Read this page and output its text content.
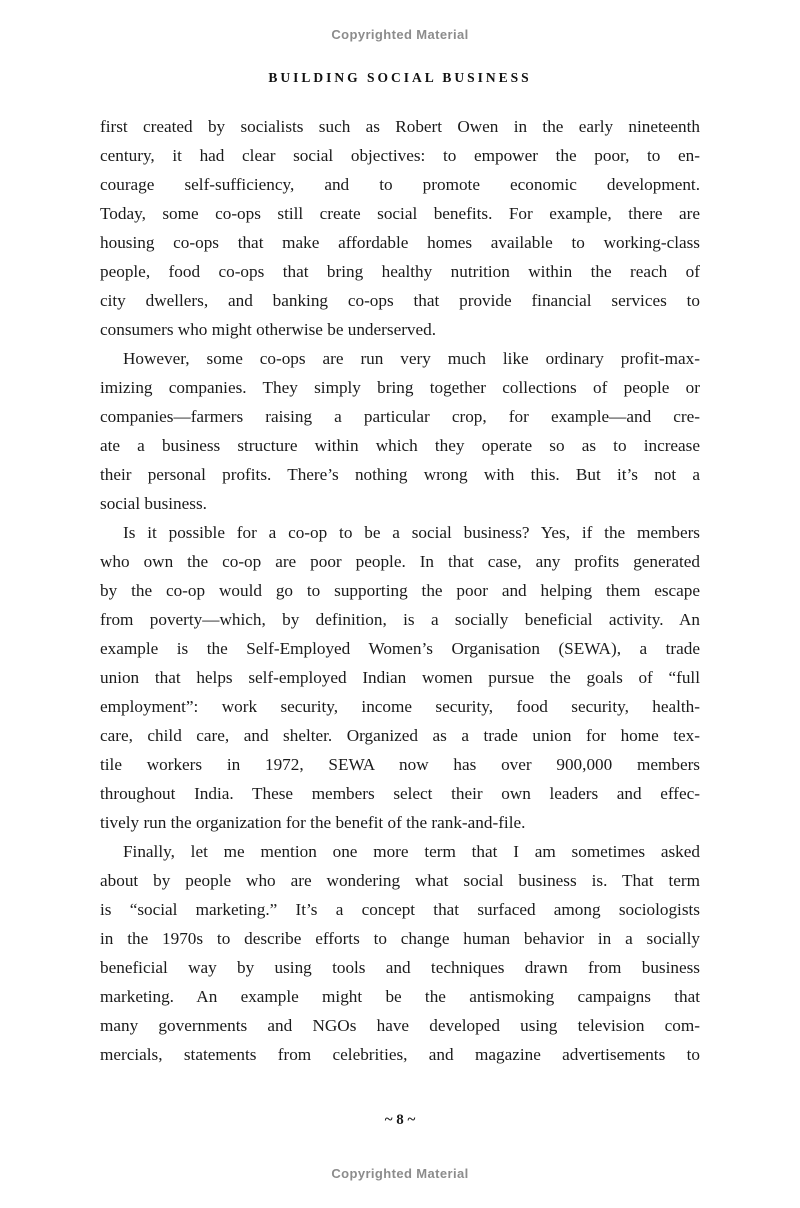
Copyrighted Material
BUILDING SOCIAL BUSINESS
first created by socialists such as Robert Owen in the early nineteenth
century, it had clear social objectives: to empower the poor, to en-
courage self-sufficiency, and to promote economic development.
Today, some co-ops still create social benefits. For example, there are
housing co-ops that make affordable homes available to working-class
people, food co-ops that bring healthy nutrition within the reach of
city dwellers, and banking co-ops that provide financial services to
consumers who might otherwise be underserved.
However, some co-ops are run very much like ordinary profit-max-
imizing companies. They simply bring together collections of people or
companies—farmers raising a particular crop, for example—and cre-
ate a business structure within which they operate so as to increase
their personal profits. There’s nothing wrong with this. But it’s not a
social business.
Is it possible for a co-op to be a social business? Yes, if the members
who own the co-op are poor people. In that case, any profits generated
by the co-op would go to supporting the poor and helping them escape
from poverty—which, by definition, is a socially beneficial activity. An
example is the Self-Employed Women’s Organisation (SEWA), a trade
union that helps self-employed Indian women pursue the goals of “full
employment”: work security, income security, food security, health-
care, child care, and shelter. Organized as a trade union for home tex-
tile workers in 1972, SEWA now has over 900,000 members
throughout India. These members select their own leaders and effec-
tively run the organization for the benefit of the rank-and-file.
Finally, let me mention one more term that I am sometimes asked
about by people who are wondering what social business is. That term
is “social marketing.” It’s a concept that surfaced among sociologists
in the 1970s to describe efforts to change human behavior in a socially
beneficial way by using tools and techniques drawn from business
marketing. An example might be the antismoking campaigns that
many governments and NGOs have developed using television com-
mercials, statements from celebrities, and magazine advertisements to
~ 8 ~
Copyrighted Material
